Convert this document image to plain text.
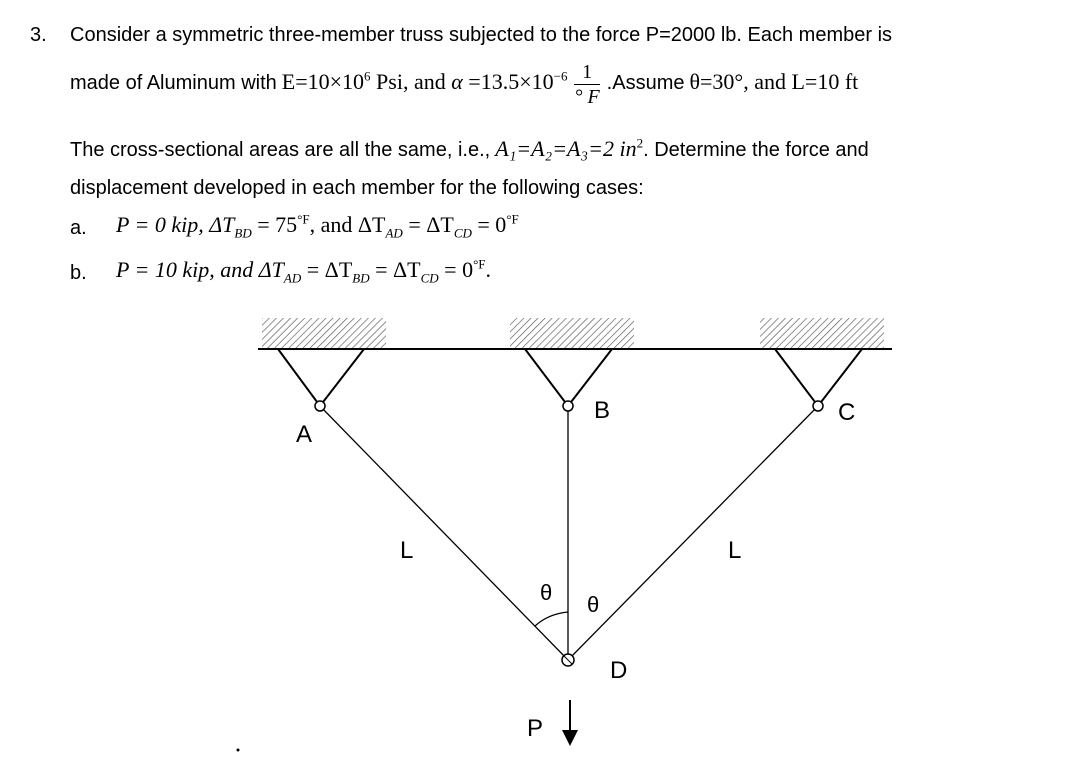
3. Consider a symmetric three-member truss subjected to the force P=2000 lb. Each member is
made of Aluminum with $E=10\times 10^6$ Psi, and $\alpha =13.5\times 10^{-6} \frac{1}{^\circ F}$ .Assume θ=30°, and L=10 ft
The cross-sectional areas are all the same, i.e., A₁=A₂=A₃=2 $in^2$. Determine the force and
displacement developed in each member for the following cases:
a. P = 0 kip, $\Delta T_{BD} = 75^{^\circ F}$, and $\Delta T_{AD} = \Delta T_{CD} = 0^{^\circ F}$
b. P = 10 kip, and $\Delta T_{AD} = \Delta T_{BD} = \Delta T_{CD} = 0^{^\circ F}$.
A
B	C
D
L	L
θ θ
P
